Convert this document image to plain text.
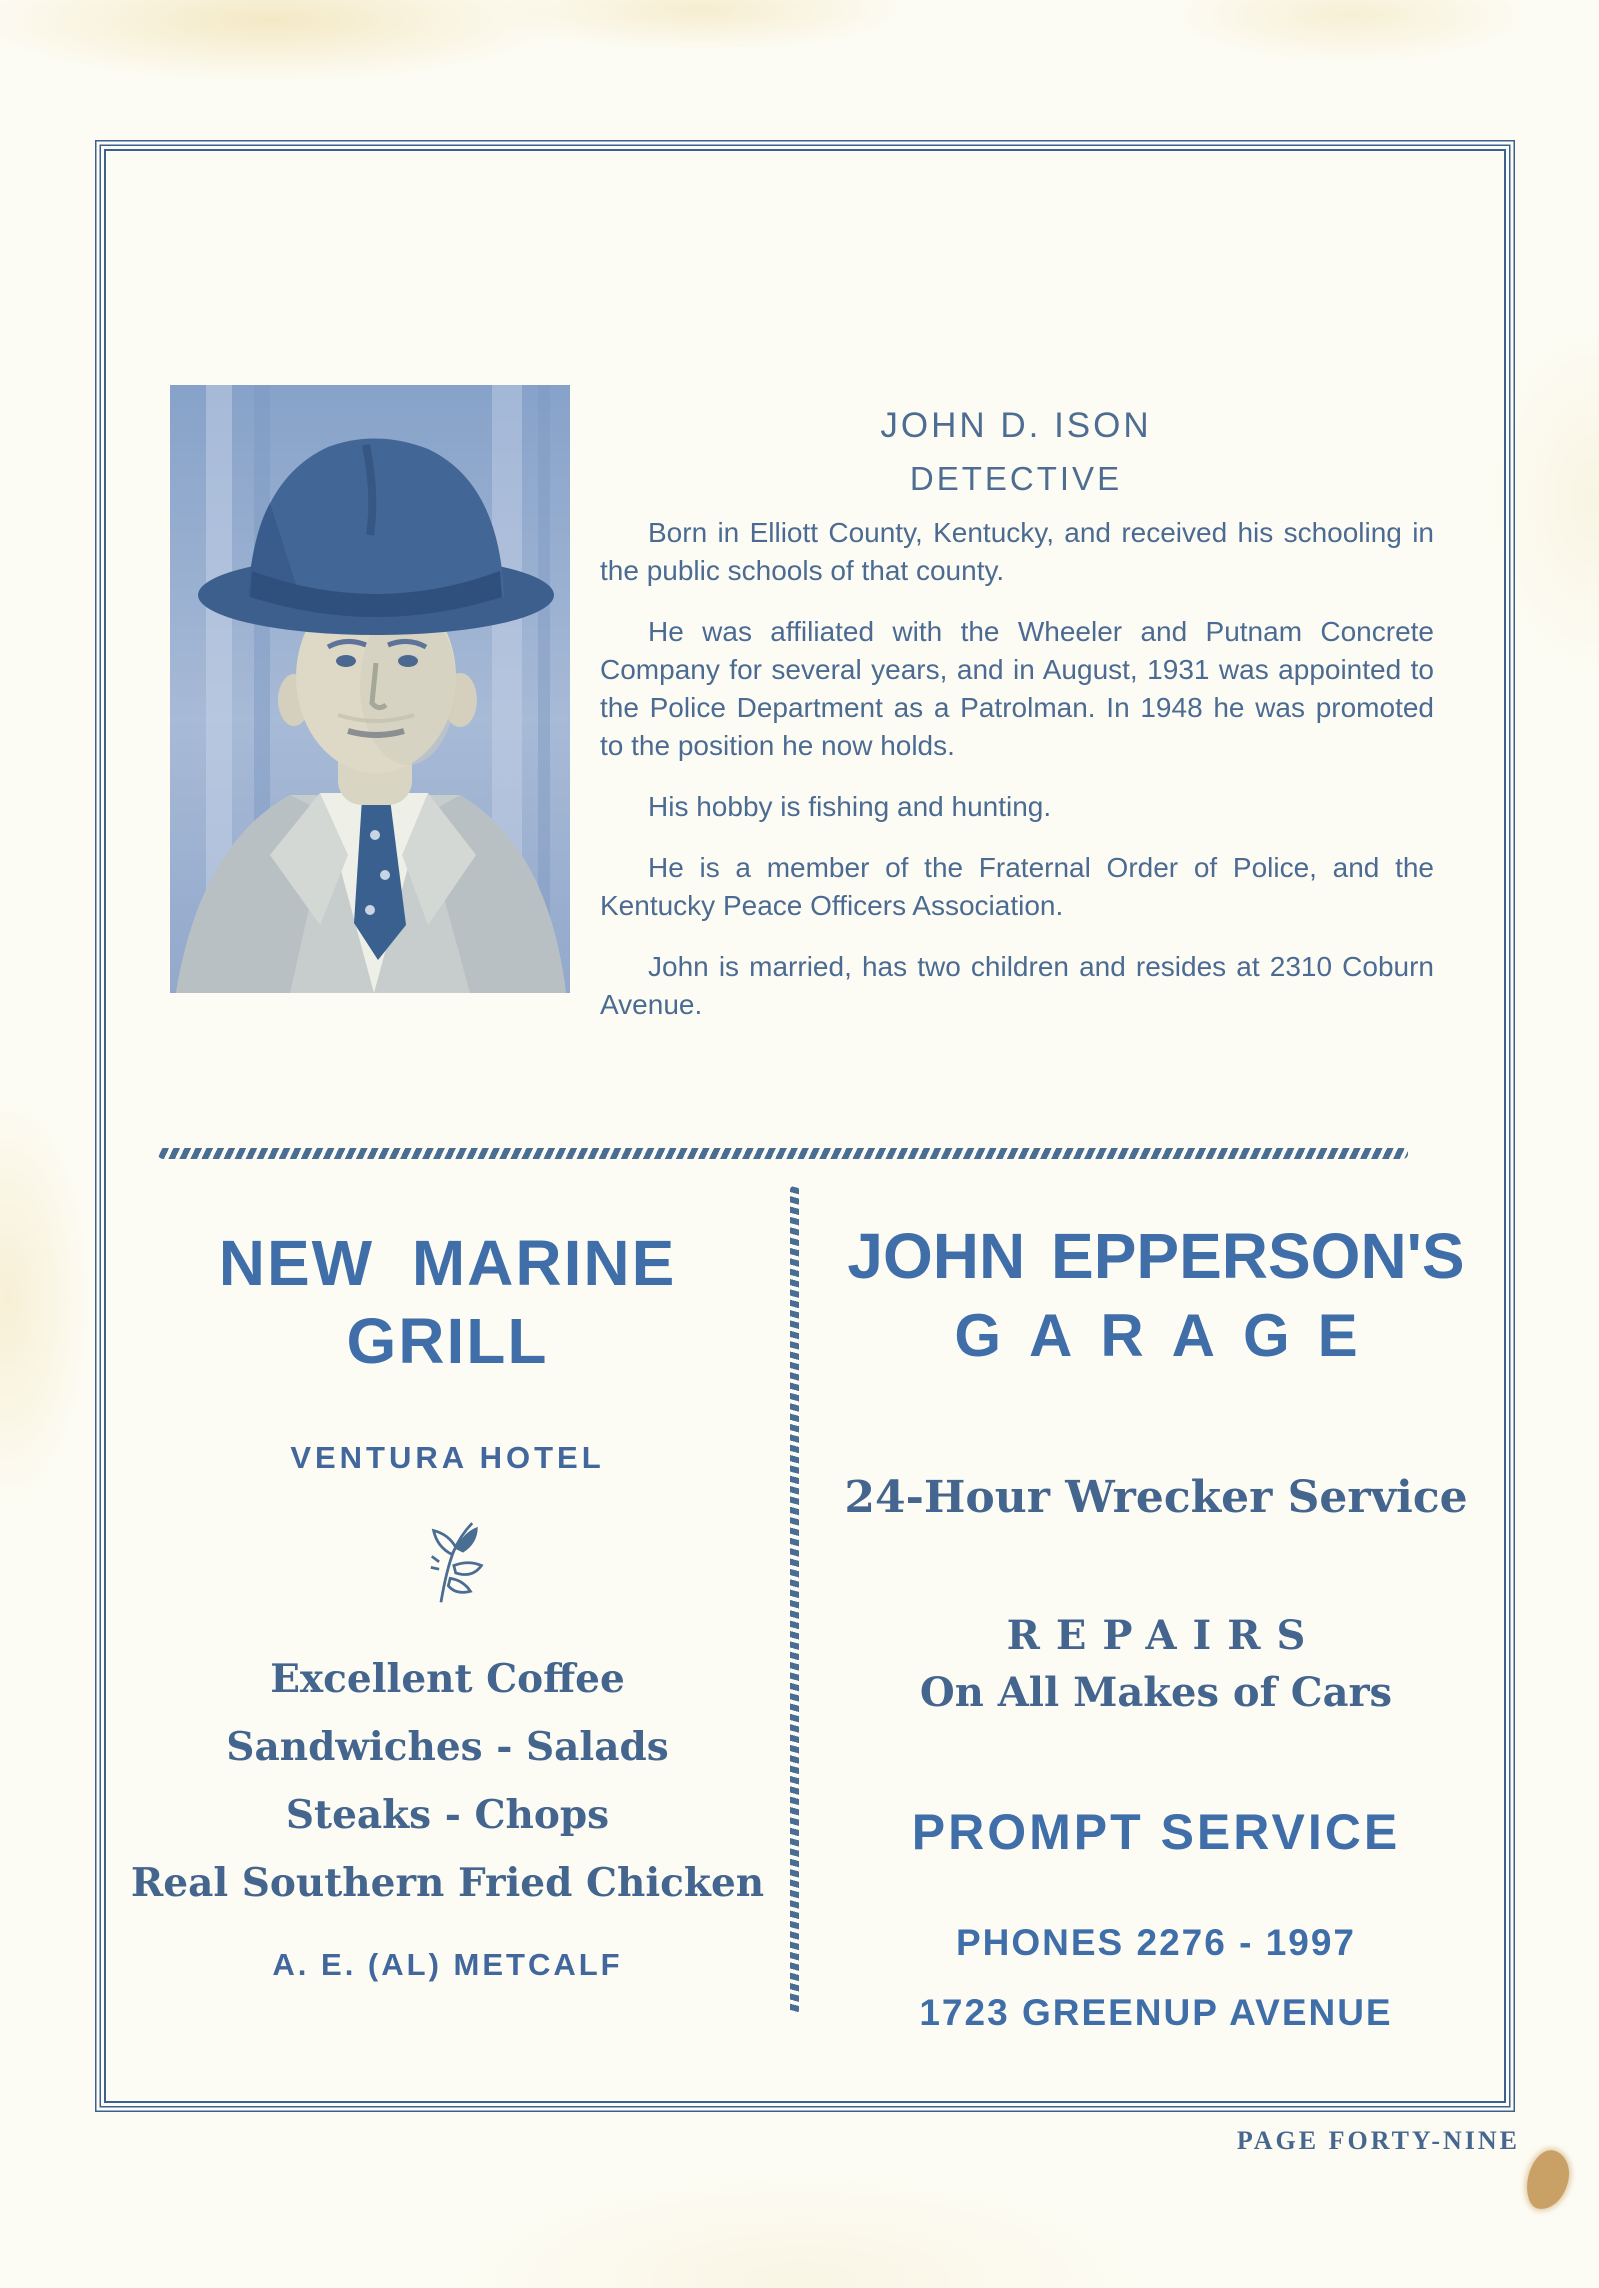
JOHN D. ISON
DETECTIVE

Born in Elliott County, Kentucky, and received his schooling in the public schools of that county.

He was affiliated with the Wheeler and Putnam Concrete Company for several years, and in August, 1931 was appointed to the Police Department as a Patrolman. In 1948 he was promoted to the position he now holds.

His hobby is fishing and hunting.

He is a member of the Fraternal Order of Police, and the Kentucky Peace Officers Association.

John is married, has two children and resides at 2310 Coburn Avenue.

NEW MARINE
GRILL
VENTURA HOTEL
Excellent Coffee
Sandwiches - Salads
Steaks - Chops
Real Southern Fried Chicken
A. E. (AL) METCALF
JOHN EPPERSON'S
GARAGE
24-Hour Wrecker Service
REPAIRS
On All Makes of Cars
PROMPT SERVICE
PHONES 2276 - 1997
1723 GREENUP AVENUE
PAGE FORTY-NINE
